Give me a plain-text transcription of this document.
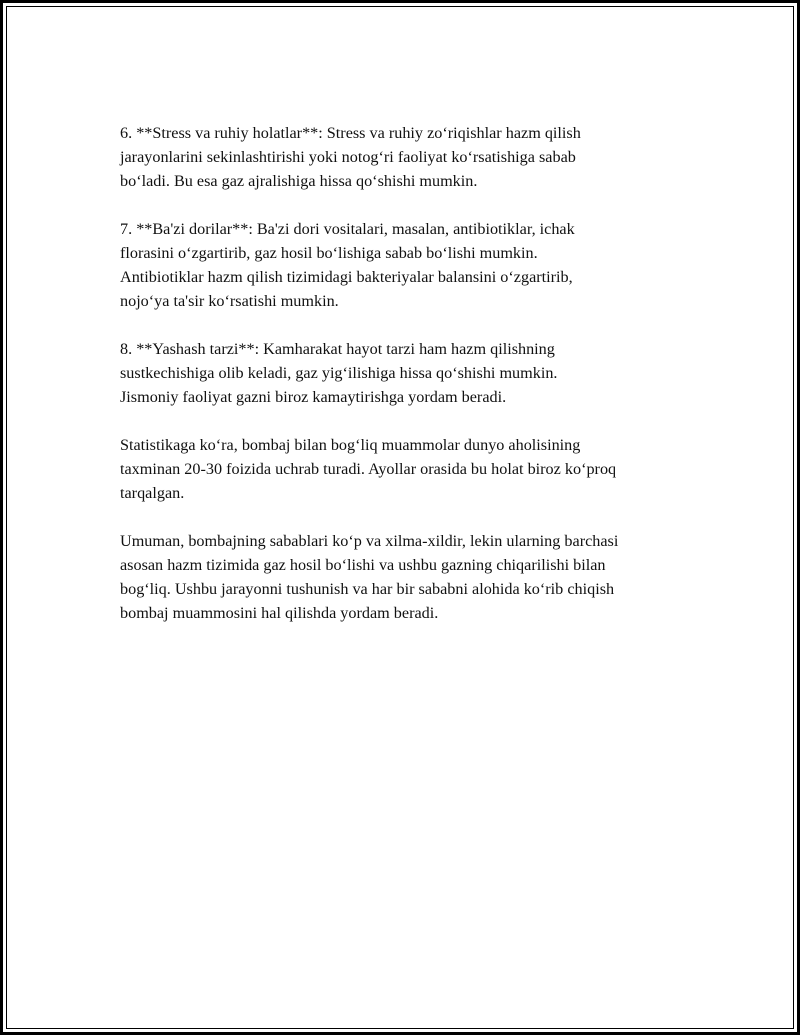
6. **Stress va ruhiy holatlar**: Stress va ruhiy zo‘riqishlar hazm qilish
jarayonlarini sekinlashtirishi yoki notog‘ri faoliyat ko‘rsatishiga sabab
bo‘ladi. Bu esa gaz ajralishiga hissa qo‘shishi mumkin.

7. **Ba'zi dorilar**: Ba'zi dori vositalari, masalan, antibiotiklar, ichak
florasini o‘zgartirib, gaz hosil bo‘lishiga sabab bo‘lishi mumkin.
Antibiotiklar hazm qilish tizimidagi bakteriyalar balansini o‘zgartirib,
nojo‘ya ta'sir ko‘rsatishi mumkin.

8. **Yashash tarzi**: Kamharakat hayot tarzi ham hazm qilishning
sustkechishiga olib keladi, gaz yig‘ilishiga hissa qo‘shishi mumkin.
Jismoniy faoliyat gazni biroz kamaytirishga yordam beradi.

Statistikaga ko‘ra, bombaj bilan bog‘liq muammolar dunyo aholisining
taxminan 20-30 foizida uchrab turadi. Ayollar orasida bu holat biroz ko‘proq
tarqalgan.

Umuman, bombajning sabablari ko‘p va xilma-xildir, lekin ularning barchasi
asosan hazm tizimida gaz hosil bo‘lishi va ushbu gazning chiqarilishi bilan
bog‘liq. Ushbu jarayonni tushunish va har bir sababni alohida ko‘rib chiqish
bombaj muammosini hal qilishda yordam beradi.
